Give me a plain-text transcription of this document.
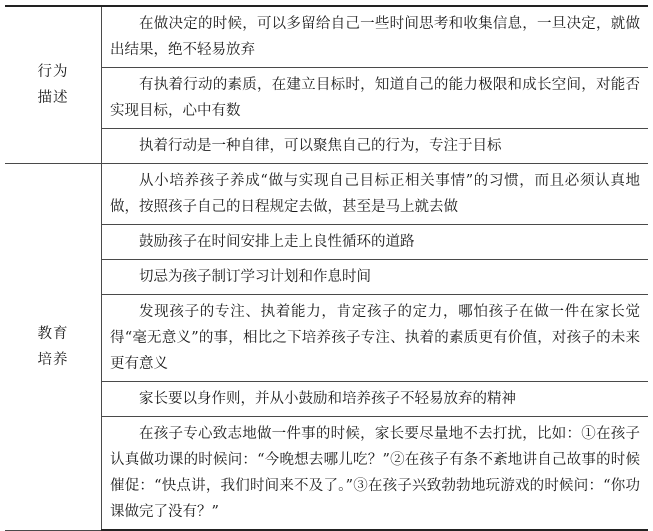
行为
描述	在做决定的时候，可以多留给自己一些时间思考和收集信息，一旦决定，就做出结果，绝不轻易放弃
	有执着行动的素质，在建立目标时，知道自己的能力极限和成长空间，对能否实现目标，心中有数
	执着行动是一种自律，可以聚焦自己的行为，专注于目标

教育
培养	从小培养孩子养成“做与实现自己目标正相关事情”的习惯，而且必须认真地做，按照孩子自己的日程规定去做，甚至是马上就去做
	鼓励孩子在时间安排上走上良性循环的道路
	切忌为孩子制订学习计划和作息时间
	发现孩子的专注、执着能力，肯定孩子的定力，哪怕孩子在做一件在家长觉得“毫无意义”的事，相比之下培养孩子专注、执着的素质更有价值，对孩子的未来更有意义
	家长要以身作则，并从小鼓励和培养孩子不轻易放弃的精神
	在孩子专心致志地做一件事的时候，家长要尽量地不去打扰，比如：①在孩子认真做功课的时候问：“今晚想去哪儿吃？”②在孩子有条不紊地讲自己故事的时候催促：“快点讲，我们时间来不及了。”③在孩子兴致勃勃地玩游戏的时候问：“你功课做完了没有？”
